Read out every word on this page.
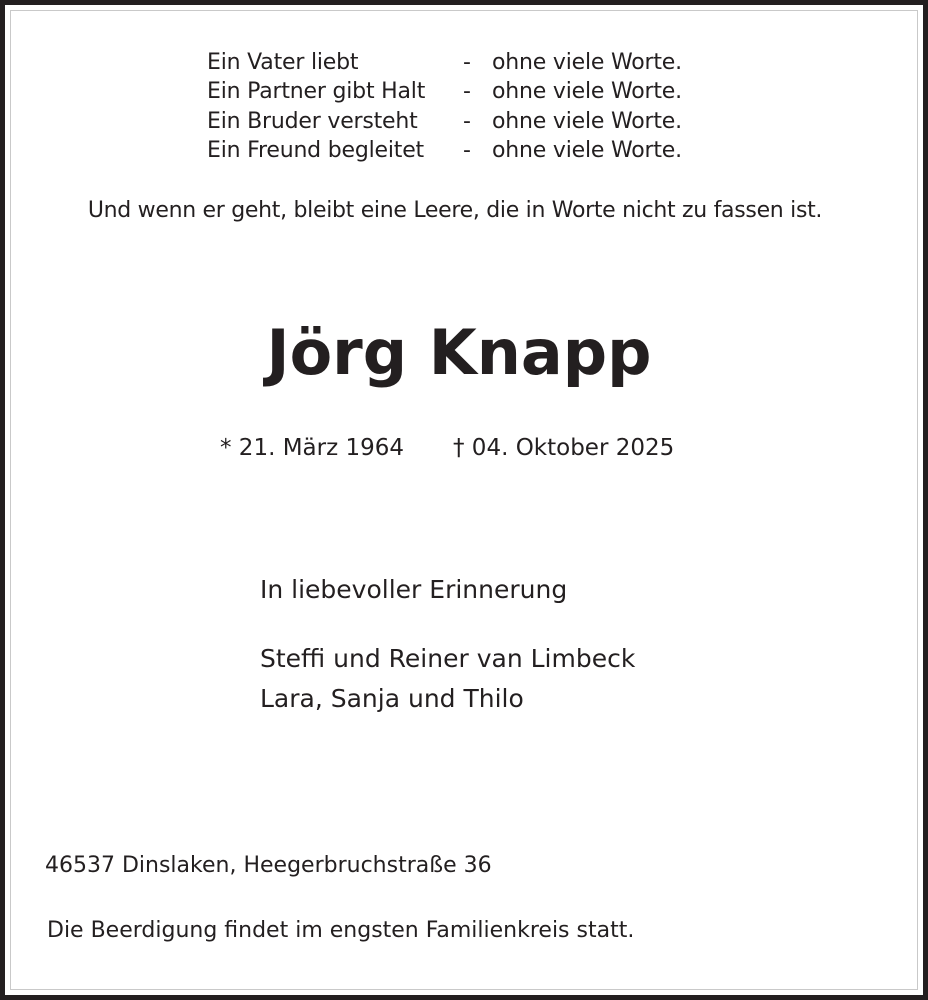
Ein Vater liebt	- ohne viele Worte.
Ein Partner gibt Halt - ohne viele Worte.
Ein Bruder versteht - ohne viele Worte.
Ein Freund begleitet - ohne viele Worte.
Und wenn er geht, bleibt eine Leere, die in Worte nicht zu fassen ist.
Jörg Knapp
* 21. März 1964 † 04. Oktober 2025
In liebevoller Erinnerung
Steffi und Reiner van Limbeck
Lara, Sanja und Thilo
46537 Dinslaken, Heegerbruchstraße 36
Die Beerdigung findet im engsten Familienkreis statt.
